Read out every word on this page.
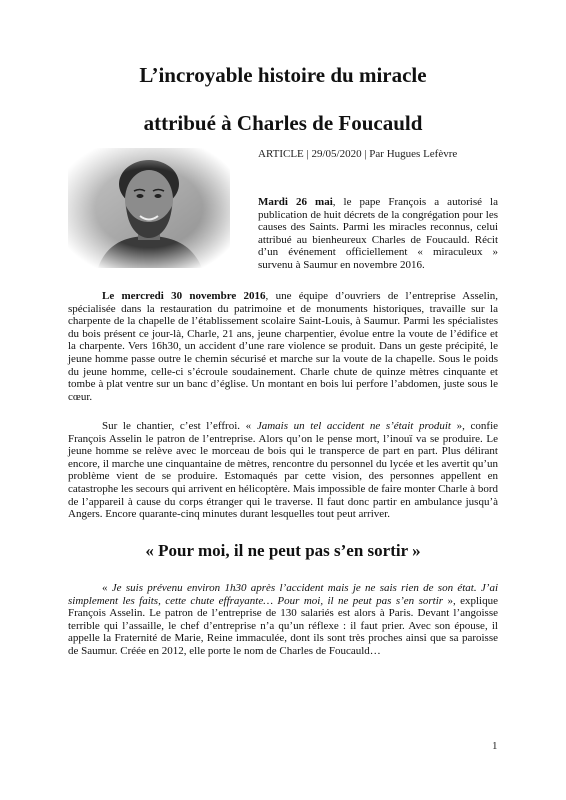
L’incroyable histoire du miracle
attribué à Charles de Foucauld
ARTICLE | 29/05/2020 | Par Hugues Lefèvre

Mardi 26 mai, le pape François a autorisé la publication de huit décrets de la congrégation pour les causes des Saints. Parmi les miracles reconnus, celui attribué au bienheureux Charles de Foucauld. Récit d’un événement officiellement « miraculeux » survenu à Saumur en novembre 2016.

Le mercredi 30 novembre 2016, une équipe d’ouvriers de l’entreprise Asselin, spécialisée dans la restauration du patrimoine et de monuments historiques, travaille sur la charpente de la chapelle de l’établissement scolaire Saint-Louis, à Saumur. Parmi les spécialistes du bois présent ce jour-là, Charle, 21 ans, jeune charpentier, évolue entre la voute de l’édifice et la charpente. Vers 16h30, un accident d’une rare violence se produit. Dans un geste précipité, le jeune homme passe outre le chemin sécurisé et marche sur la voute de la chapelle. Sous le poids du jeune homme, celle-ci s’écroule soudainement. Charle chute de quinze mètres cinquante et tombe à plat ventre sur un banc d’église. Un montant en bois lui perfore l’abdomen, juste sous le cœur.

Sur le chantier, c’est l’effroi. « Jamais un tel accident ne s’était produit », confie François Asselin le patron de l’entreprise. Alors qu’on le pense mort, l’inouï va se produire. Le jeune homme se relève avec le morceau de bois qui le transperce de part en part. Plus délirant encore, il marche une cinquantaine de mètres, rencontre du personnel du lycée et les avertit qu’un problème vient de se produire. Estomaqués par cette vision, des personnes appellent en catastrophe les secours qui arrivent en hélicoptère. Mais impossible de faire monter Charle à bord de l’appareil à cause du corps étranger qui le traverse. Il faut donc partir en ambulance jusqu’à Angers. Encore quarante-cinq minutes durant lesquelles tout peut arriver.

« Pour moi, il ne peut pas s’en sortir »

« Je suis prévenu environ 1h30 après l’accident mais je ne sais rien de son état. J’ai simplement les faits, cette chute effrayante… Pour moi, il ne peut pas s’en sortir », explique François Asselin. Le patron de l’entreprise de 130 salariés est alors à Paris. Devant l’angoisse terrible qui l’assaille, le chef d’entreprise n’a qu’un réflexe : il faut prier. Avec son épouse, il appelle la Fraternité de Marie, Reine immaculée, dont ils sont très proches ainsi que sa paroisse de Saumur. Créée en 2012, elle porte le nom de Charles de Foucauld…

1
